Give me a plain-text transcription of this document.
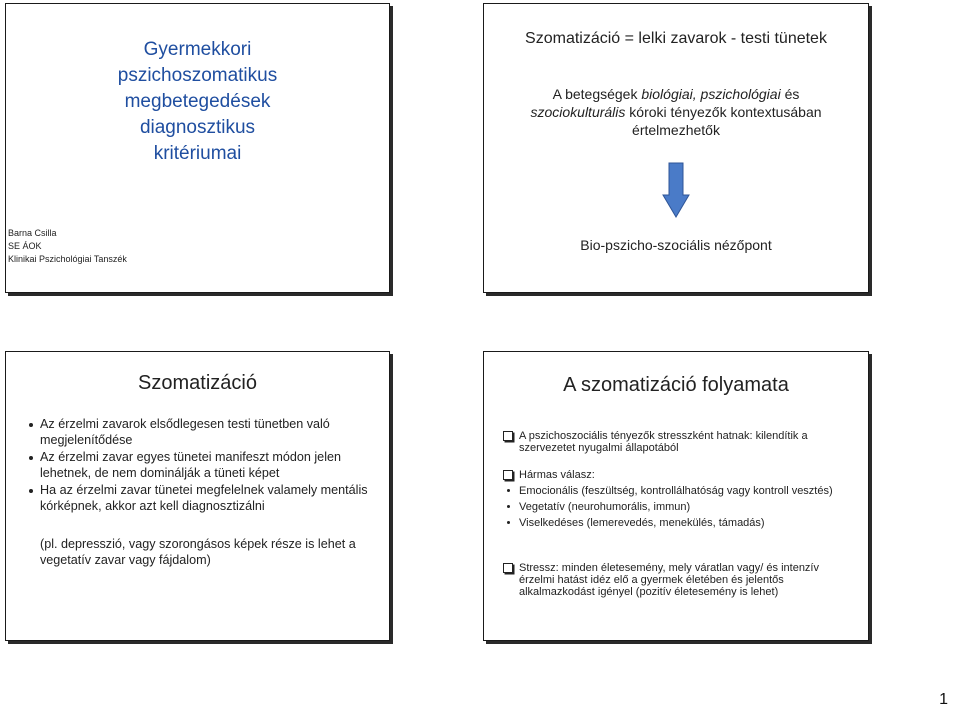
Gyermekkori
pszichoszomatikus
megbetegedések
diagnosztikus
kritériumai
Barna Csilla
SE ÁOK
Klinikai Pszichológiai Tanszék
Szomatizáció = lelki zavarok - testi tünetek
A betegségek biológiai, pszichológiai és
szociokulturális kóroki tényezők kontextusában
értelmezhetők
Bio-pszicho-szociális nézőpont
Szomatizáció
Az érzelmi zavarok elsődlegesen testi tünetben való megjelenítődése
Az érzelmi zavar egyes tünetei manifeszt módon jelen lehetnek, de nem dominálják a tüneti képet
Ha az érzelmi zavar tünetei megfelelnek valamely mentális kórképnek, akkor azt kell diagnosztizálni
(pl. depresszió, vagy szorongásos képek része is lehet a vegetatív zavar vagy fájdalom)
A szomatizáció folyamata
A pszichoszociális tényezők stresszként hatnak: kilendítik a szervezetet nyugalmi állapotából
Hármas válasz:
Emocionális (feszültség, kontrollálhatóság vagy kontroll vesztés)
Vegetatív (neurohumorális, immun)
Viselkedéses (lemerevedés, menekülés, támadás)
Stressz: minden életesemény, mely váratlan vagy/ és intenzív érzelmi hatást idéz elő a gyermek életében és jelentős alkalmazkodást igényel (pozitív életesemény is lehet)
1
